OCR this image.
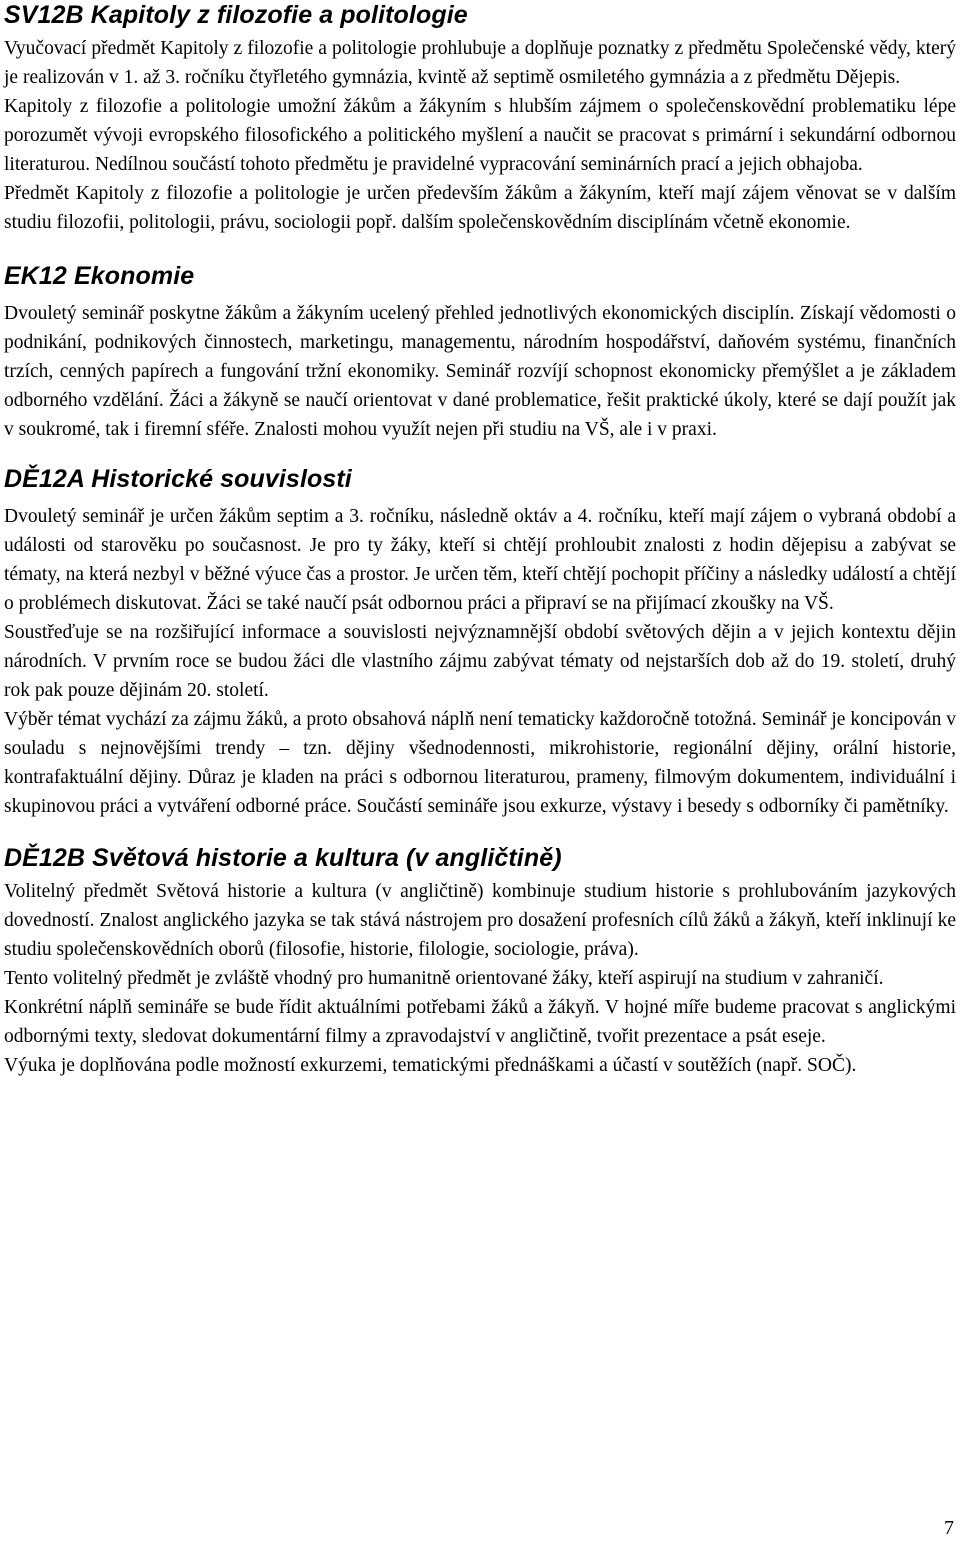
SV12B Kapitoly z filozofie a politologie

Vyučovací předmět Kapitoly z filozofie a politologie prohlubuje a doplňuje poznatky z předmětu Společenské vědy, který je realizován v 1. až 3. ročníku čtyřletého gymnázia, kvintě až septimě osmiletého gymnázia a z předmětu Dějepis.

Kapitoly z filozofie a politologie umožní žákům a žákyním s hlubším zájmem o společenskovědní problematiku lépe porozumět vývoji evropského filosofického a politického myšlení a naučit se pracovat s primární i sekundární odbornou literaturou. Nedílnou součástí tohoto předmětu je pravidelné vypracování seminárních prací a jejich obhajoba.

Předmět Kapitoly z filozofie a politologie je určen především žákům a žákyním, kteří mají zájem věnovat se v dalším studiu filozofii, politologii, právu, sociologii popř. dalším společenskovědním disciplínám včetně ekonomie.

EK12 Ekonomie

Dvouletý seminář poskytne žákům a žákyním ucelený přehled jednotlivých ekonomických disciplín. Získají vědomosti o podnikání, podnikových činnostech, marketingu, managementu, národním hospodářství, daňovém systému, finančních trzích, cenných papírech a fungování tržní ekonomiky. Seminář rozvíjí schopnost ekonomicky přemýšlet a je základem odborného vzdělání. Žáci a žákyně se naučí orientovat v dané problematice, řešit praktické úkoly, které se dají použít jak v soukromé, tak i firemní sféře. Znalosti mohou využít nejen při studiu na VŠ, ale i v praxi.

DĚ12A Historické souvislosti

Dvouletý seminář je určen žákům septim a 3. ročníku, následně oktáv a 4. ročníku, kteří mají zájem o vybraná období a události od starověku po současnost. Je pro ty žáky, kteří si chtějí prohloubit znalosti z hodin dějepisu a zabývat se tématy, na která nezbyl v běžné výuce čas a prostor. Je určen těm, kteří chtějí pochopit příčiny a následky událostí a chtějí o problémech diskutovat. Žáci se také naučí psát odbornou práci a připraví se na přijímací zkoušky na VŠ.

Soustřeďuje se na rozšiřující informace a souvislosti nejvýznamnější období světových dějin a v jejich kontextu dějin národních. V prvním roce se budou žáci dle vlastního zájmu zabývat tématy od nejstarších dob až do 19. století, druhý rok pak pouze dějinám 20. století.

Výběr témat vychází za zájmu žáků, a proto obsahová náplň není tematicky každoročně totožná. Seminář je koncipován v souladu s nejnovějšími trendy – tzn. dějiny všednodennosti, mikrohistorie, regionální dějiny, orální historie, kontrafaktuální dějiny. Důraz je kladen na práci s odbornou literaturou, prameny, filmovým dokumentem, individuální i skupinovou práci a vytváření odborné práce. Součástí semináře jsou exkurze, výstavy i besedy s odborníky či pamětníky.

DĚ12B Světová historie a kultura (v angličtině)

Volitelný předmět Světová historie a kultura (v angličtině) kombinuje studium historie s prohlubováním jazykových dovedností. Znalost anglického jazyka se tak stává nástrojem pro dosažení profesních cílů žáků a žákyň, kteří inklinují ke studiu společenskovědních oborů (filosofie, historie, filologie, sociologie, práva).

Tento volitelný předmět je zvláště vhodný pro humanitně orientované žáky, kteří aspirují na studium v zahraničí.

Konkrétní náplň semináře se bude řídit aktuálními potřebami žáků a žákyň. V hojné míře budeme pracovat s anglickými odbornými texty, sledovat dokumentární filmy a zpravodajství v angličtině, tvořit prezentace a psát eseje.

Výuka je doplňována podle možností exkurzemi, tematickými přednáškami a účastí v soutěžích (např. SOČ).

7
